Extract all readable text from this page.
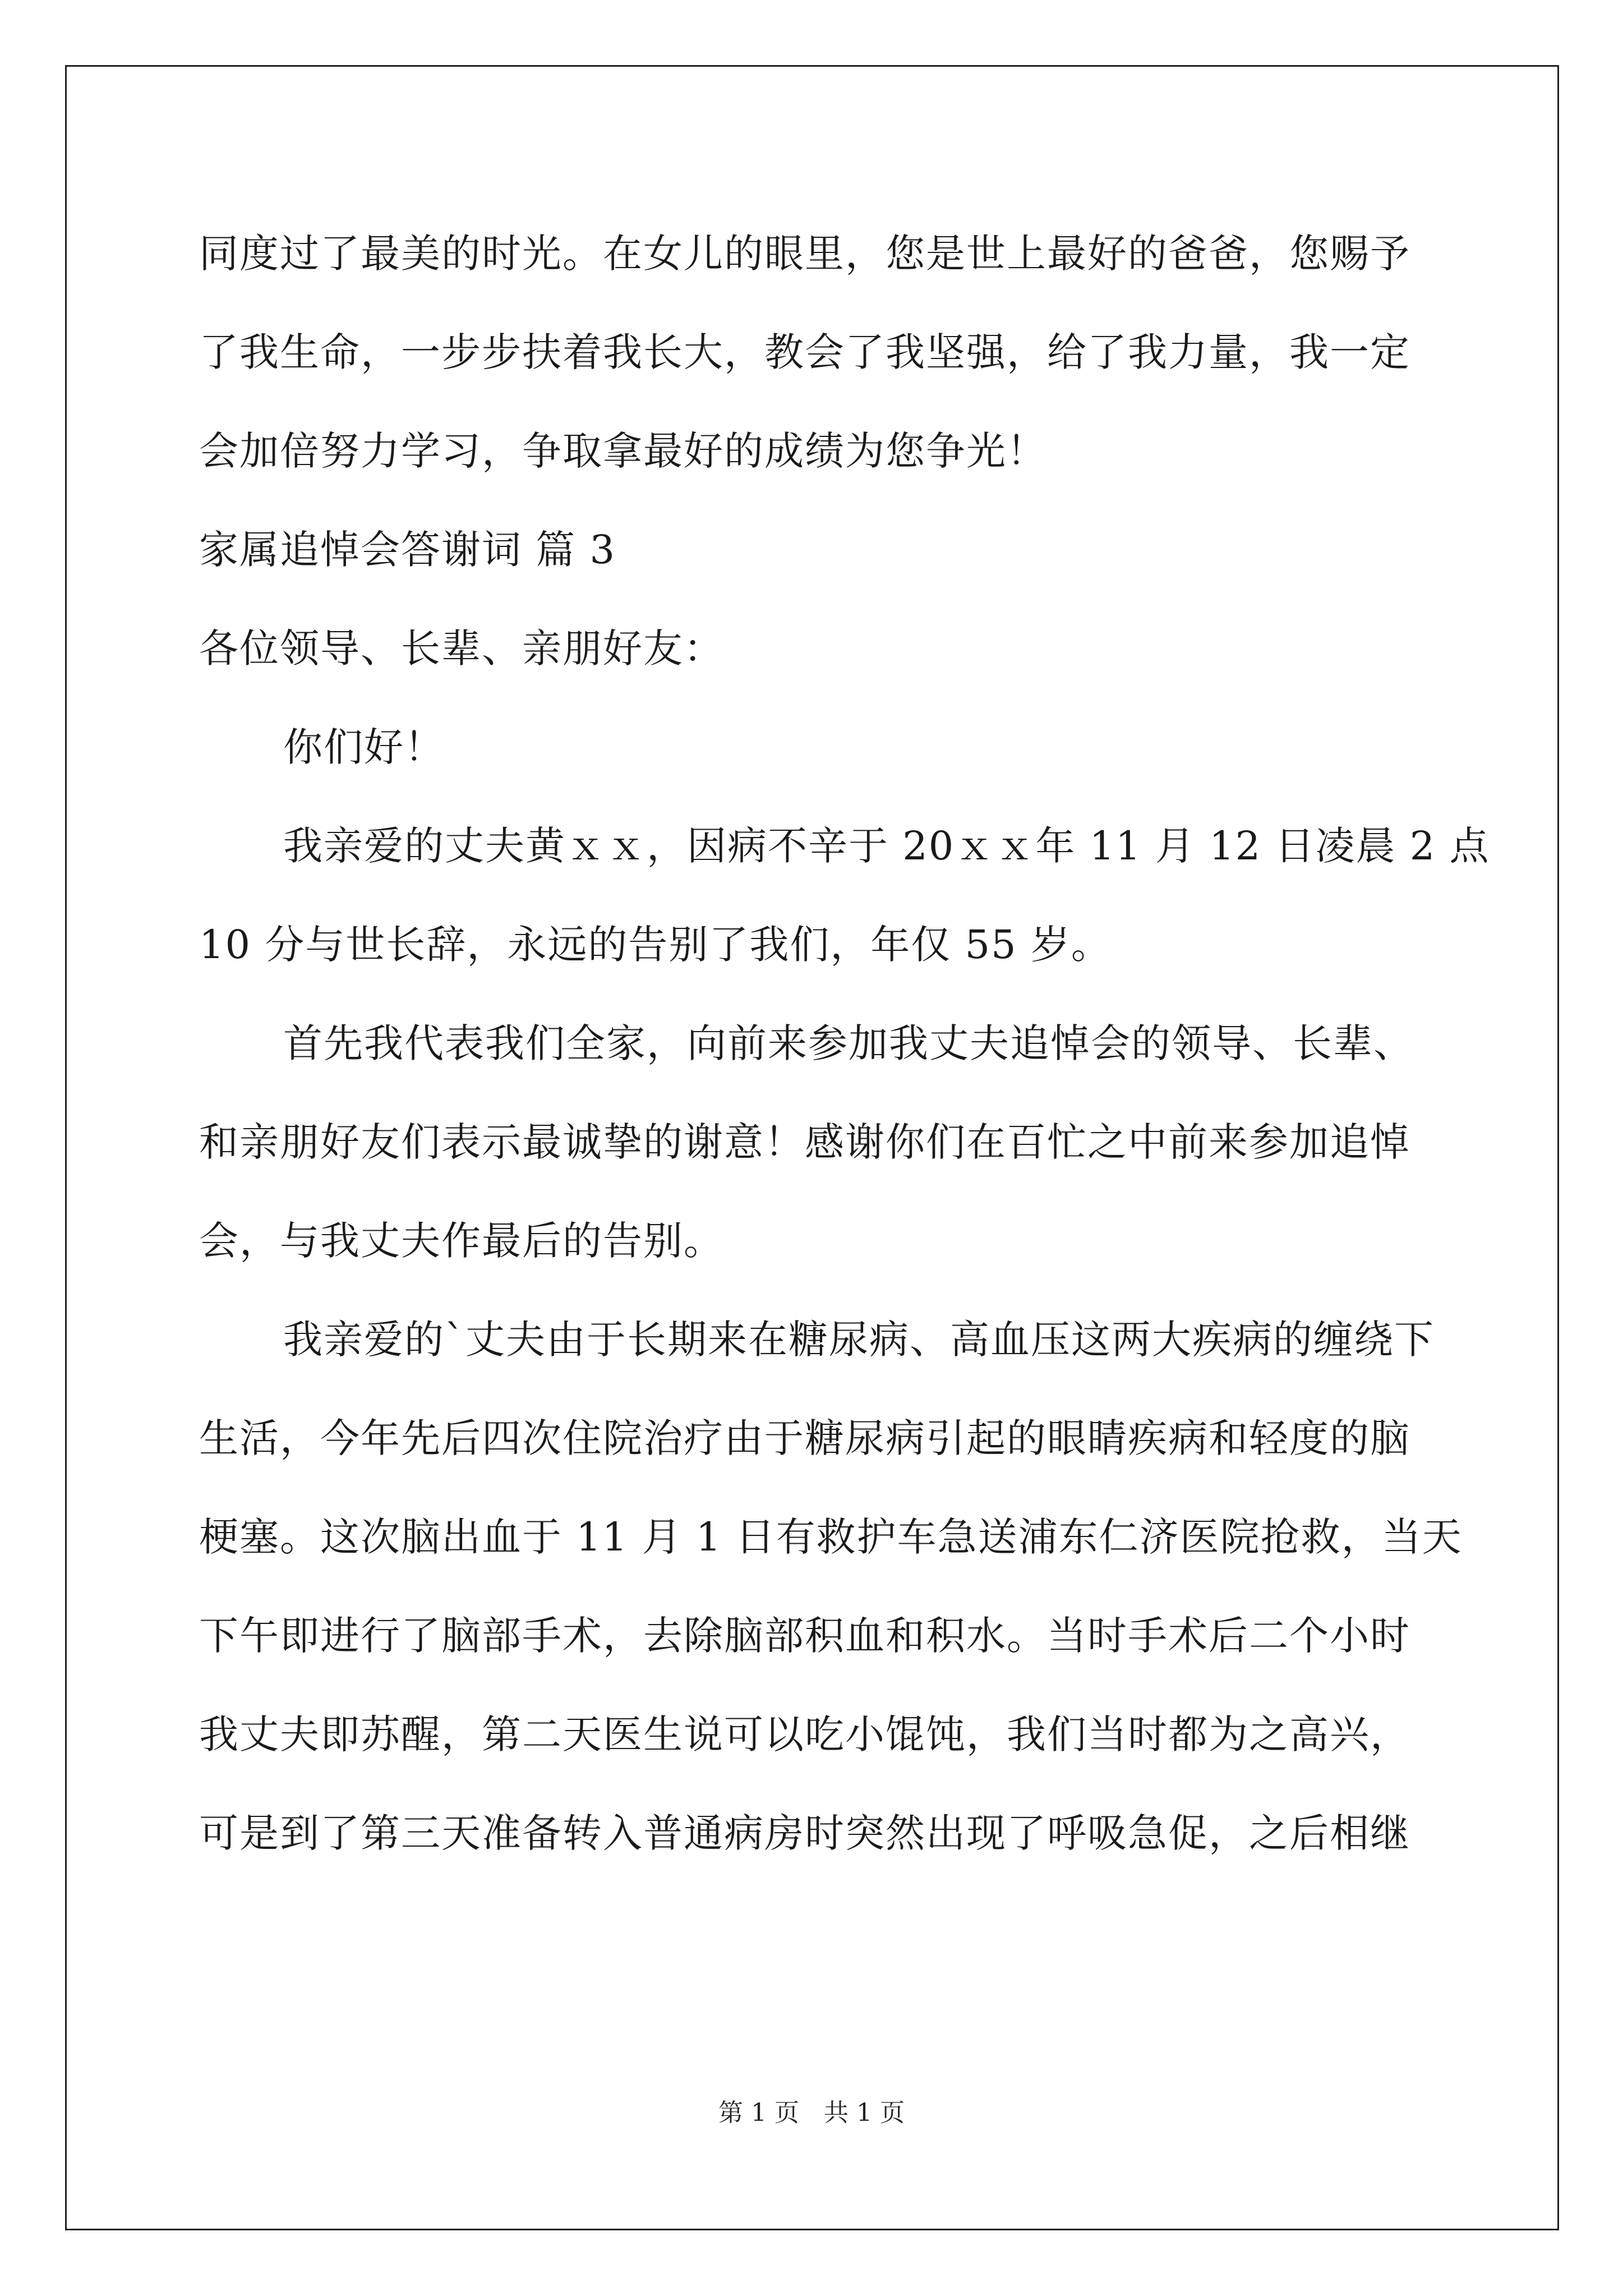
同度过了最美的时光。在女儿的眼里，您是世上最好的爸爸，您赐予
了我生命，一步步扶着我长大，教会了我坚强，给了我力量，我一定
会加倍努力学习，争取拿最好的成绩为您争光！
家属追悼会答谢词 篇 3
各位领导、长辈、亲朋好友：
你们好！
我亲爱的丈夫黄ｘｘ，因病不辛于 20ｘｘ年 11 月 12 日凌晨 2 点
10 分与世长辞，永远的告别了我们，年仅 55 岁。
首先我代表我们全家，向前来参加我丈夫追悼会的领导、长辈、
和亲朋好友们表示最诚挚的谢意！感谢你们在百忙之中前来参加追悼
会，与我丈夫作最后的告别。
我亲爱的`丈夫由于长期来在糖尿病、高血压这两大疾病的缠绕下
生活，今年先后四次住院治疗由于糖尿病引起的眼睛疾病和轻度的脑
梗塞。这次脑出血于 11 月 1 日有救护车急送浦东仁济医院抢救，当天
下午即进行了脑部手术，去除脑部积血和积水。当时手术后二个小时
我丈夫即苏醒，第二天医生说可以吃小馄饨，我们当时都为之高兴，
可是到了第三天准备转入普通病房时突然出现了呼吸急促，之后相继
第 1 页　共 1 页
